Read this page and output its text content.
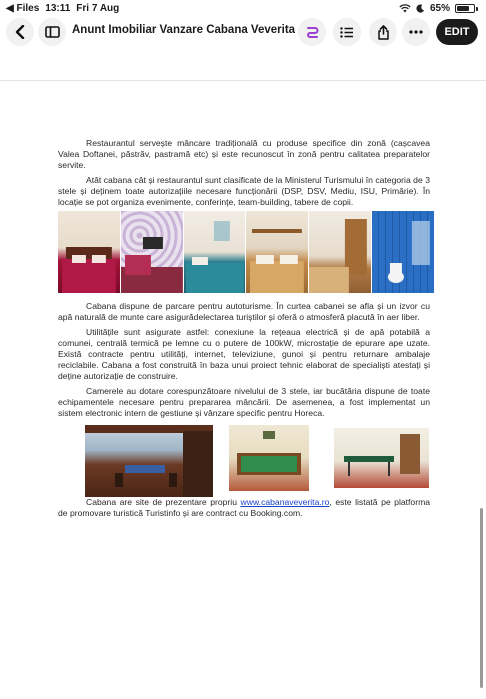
◀ Files 13:11 Fri 7 Aug	65%
Anunt Imobiliar Vanzare Cabana Veverita	EDIT

Restaurantul servește mâncare tradițională cu produse specifice din zonă (cașcavea Valea Doftanei, păstrăv, pastramă etc) și este recunoscut în zonă pentru calitatea preparatelor servite.

Atât cabana cât și restaurantul sunt clasificate de la Ministerul Turismului în categoria de 3 stele și deținem toate autorizațiile necesare funcționării (DSP, DSV, Mediu, ISU, Primărie). În locație se pot organiza evenimente, conferințe, team-building, tabere de copii.

Cabana dispune de parcare pentru autoturisme. În curtea cabanei se afla și un izvor cu apă naturală de munte care asigurădelectarea turiștilor și oferă o atmosferă placută în aer liber.

Utilitățile sunt asigurate astfel: conexiune la rețeaua electrică și de apă potabilă a comunei, centrală termică pe lemne cu o putere de 100kW, microstație de epurare ape uzate. Există contracte pentru utilități, internet, televiziune, gunoi și pentru returnare ambalaje reciclabile. Cabana a fost construită în baza unui proiect tehnic elaborat de specialiști atestați și deține autorizație de construire.

Camerele au dotare corespunzătoare nivelului de 3 stele, iar bucătăria dispune de toate echipamentele necesare pentru prepararea mâncării. De asemenea, a fost implementat un sistem electronic intern de gestiune și vânzare specific pentru Horeca.

Cabana are site de prezentare propriu www.cabanaveverita.ro, este listată pe platforma de promovare turistică Turistinfo și are contract cu Booking.com.
